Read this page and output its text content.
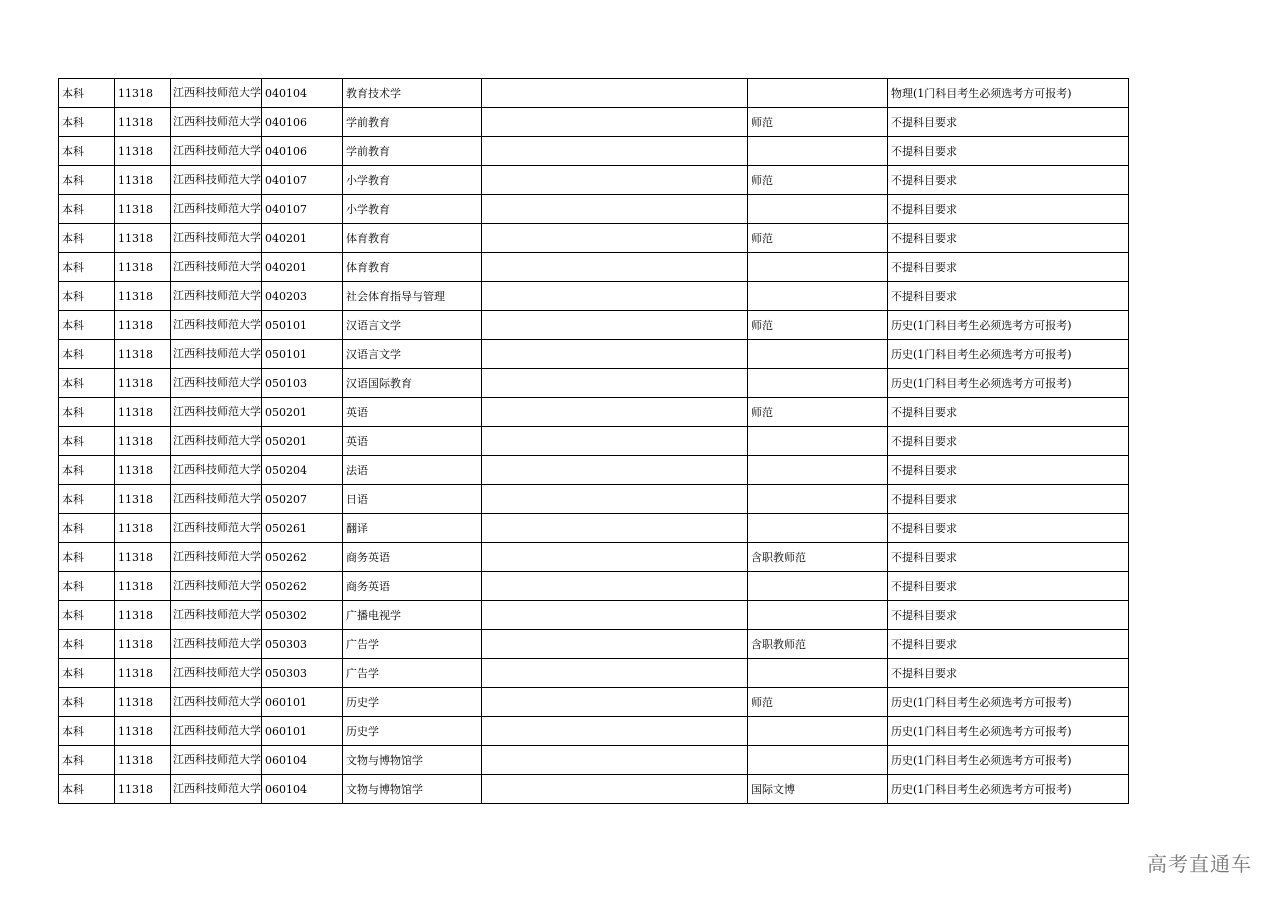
本科	11318	江西科技师范大学	040104	教育技术学			物理(1门科目考生必须选考方可报考)
本科	11318	江西科技师范大学	040106	学前教育		师范	不提科目要求
本科	11318	江西科技师范大学	040106	学前教育			不提科目要求
本科	11318	江西科技师范大学	040107	小学教育		师范	不提科目要求
本科	11318	江西科技师范大学	040107	小学教育			不提科目要求
本科	11318	江西科技师范大学	040201	体育教育		师范	不提科目要求
本科	11318	江西科技师范大学	040201	体育教育			不提科目要求
本科	11318	江西科技师范大学	040203	社会体育指导与管理			不提科目要求
本科	11318	江西科技师范大学	050101	汉语言文学		师范	历史(1门科目考生必须选考方可报考)
本科	11318	江西科技师范大学	050101	汉语言文学			历史(1门科目考生必须选考方可报考)
本科	11318	江西科技师范大学	050103	汉语国际教育			历史(1门科目考生必须选考方可报考)
本科	11318	江西科技师范大学	050201	英语		师范	不提科目要求
本科	11318	江西科技师范大学	050201	英语			不提科目要求
本科	11318	江西科技师范大学	050204	法语			不提科目要求
本科	11318	江西科技师范大学	050207	日语			不提科目要求
本科	11318	江西科技师范大学	050261	翻译			不提科目要求
本科	11318	江西科技师范大学	050262	商务英语		含职教师范	不提科目要求
本科	11318	江西科技师范大学	050262	商务英语			不提科目要求
本科	11318	江西科技师范大学	050302	广播电视学			不提科目要求
本科	11318	江西科技师范大学	050303	广告学		含职教师范	不提科目要求
本科	11318	江西科技师范大学	050303	广告学			不提科目要求
本科	11318	江西科技师范大学	060101	历史学		师范	历史(1门科目考生必须选考方可报考)
本科	11318	江西科技师范大学	060101	历史学			历史(1门科目考生必须选考方可报考)
本科	11318	江西科技师范大学	060104	文物与博物馆学			历史(1门科目考生必须选考方可报考)
本科	11318	江西科技师范大学	060104	文物与博物馆学		国际文博	历史(1门科目考生必须选考方可报考)
高考直通车
